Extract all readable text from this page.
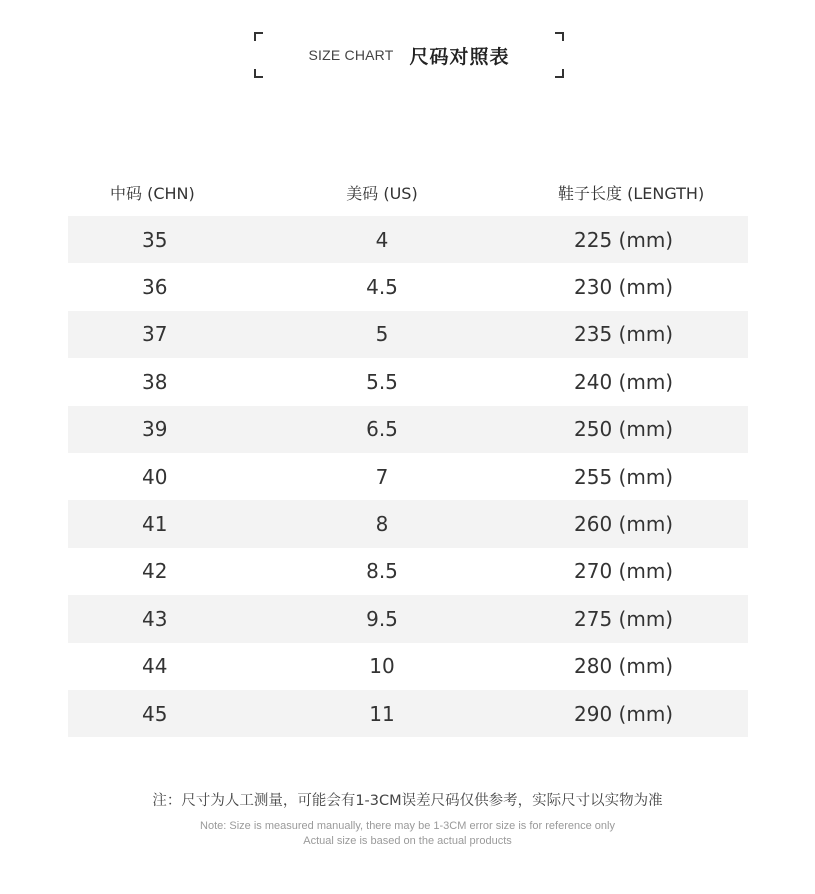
SIZE CHART 尺码对照表
中码 (CHN)	美码 (US)	鞋子长度 (LENGTH)
35	4	225 (mm)
36	4.5	230 (mm)
37	5	235 (mm)
38	5.5	240 (mm)
39	6.5	250 (mm)
40	7	255 (mm)
41	8	260 (mm)
42	8.5	270 (mm)
43	9.5	275 (mm)
44	10	280 (mm)
45	11	290 (mm)
注：尺寸为人工测量，可能会有1-3CM误差尺码仅供参考，实际尺寸以实物为准
Note: Size is measured manually, there may be 1-3CM error size is for reference only
Actual size is based on the actual products
